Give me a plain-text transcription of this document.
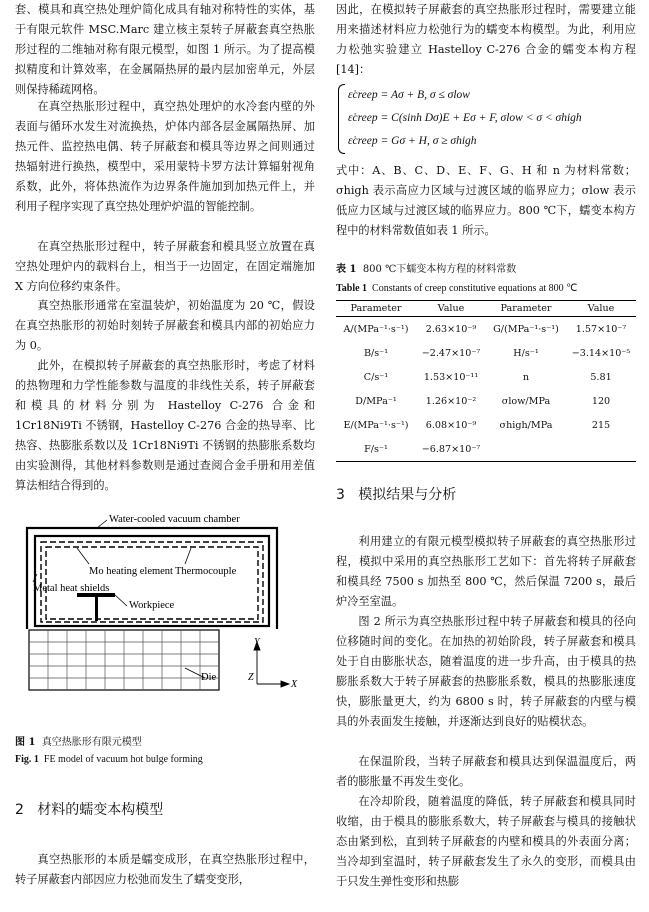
套、模具和真空热处理炉简化成具有轴对称特性的实体，基于有限元软件 MSC.Marc 建立核主泵转子屏蔽套真空热胀形过程的二维轴对称有限元模型，如图 1 所示。为了提高模拟精度和计算效率，在金属隔热屏的最内层加密单元，外层则保持稀疏网格。

在真空热胀形过程中，真空热处理炉的水冷套内壁的外表面与循环水发生对流换热，炉体内部各层金属隔热屏、加热元件、监控热电偶、转子屏蔽套和模具等边界之间则通过热辐射进行换热，模型中，采用蒙特卡罗方法计算辐射视角系数，此外，将体热流作为边界条件施加到加热元件上，并利用子程序实现了真空热处理炉炉温的智能控制。

在真空热胀形过程中，转子屏蔽套和模具竖立放置在真空热处理炉内的载料台上，相当于一边固定，在固定端施加 X 方向位移约束条件。

真空热胀形通常在室温装炉，初始温度为 20 ℃，假设在真空热胀形的初始时刻转子屏蔽套和模具内部的初始应力为 0。

此外，在模拟转子屏蔽套的真空热胀形时，考虑了材料的热物理和力学性能参数与温度的非线性关系，转子屏蔽套和模具的材料分别为 Hastelloy C-276 合金和 1Cr18Ni9Ti 不锈钢，Hastelloy C-276 合金的热导率、比热容、热膨胀系数以及 1Cr18Ni9Ti 不锈钢的热膨胀系数均由实验测得，其他材料参数则是通过查阅合金手册和用差值算法相结合得到的。

Water-cooled vacuum chamber
Mo heating element Thermocouple
Metal heat shields
Workpiece
Die
Y
Z
X
图 1 真空热胀形有限元模型
Fig. 1 FE model of vacuum hot bulge forming
2 材料的蠕变本构模型

真空热胀形的本质是蠕变成形，在真空热胀形过程中，转子屏蔽套内部因应力松弛而发生了蠕变变形，

因此，在模拟转子屏蔽套的真空热胀形过程时，需要建立能用来描述材料应力松弛行为的蠕变本构模型。为此，利用应力松弛实验建立 Hastelloy C-276 合金的蠕变本构方程[14]：

ε̇creep = Aσ + B, σ ≤ σlow
ε̇creep = C(sinh Dσ)E + Eσ + F, σlow < σ < σhigh
ε̇creep = Gσ + H, σ ≥ σhigh

式中：A、B、C、D、E、F、G、H 和 n 为材料常数；σhigh 表示高应力区域与过渡区域的临界应力；σlow 表示低应力区域与过渡区域的临界应力。800 ℃下，蠕变本构方程中的材料常数值如表 1 所示。

表 1 800 ℃下蠕变本构方程的材料常数
Table 1 Constants of creep constitutive equations at 800 ℃
Parameter	Value	Parameter	Value
A/(MPa⁻¹·s⁻¹)	2.63×10⁻⁹	G/(MPa⁻¹·s⁻¹)	1.57×10⁻⁷
B/s⁻¹	−2.47×10⁻⁷	H/s⁻¹	−3.14×10⁻⁵
C/s⁻¹	1.53×10⁻¹¹	n	5.81
D/MPa⁻¹	1.26×10⁻²	σlow/MPa	120
E/(MPa⁻¹·s⁻¹)	6.08×10⁻⁹	σhigh/MPa	215
F/s⁻¹	−6.87×10⁻⁷		
3 模拟结果与分析

利用建立的有限元模型模拟转子屏蔽套的真空热胀形过程，模拟中采用的真空热胀形工艺如下：首先将转子屏蔽套和模具经 7500 s 加热至 800 ℃，然后保温 7200 s，最后炉冷至室温。

图 2 所示为真空热胀形过程中转子屏蔽套和模具的径向位移随时间的变化。在加热的初始阶段，转子屏蔽套和模具处于自由膨胀状态，随着温度的进一步升高，由于模具的热膨胀系数大于转子屏蔽套的热膨胀系数，模具的热膨胀速度快，膨胀量更大，约为 6800 s 时，转子屏蔽套的内壁与模具的外表面发生接触，并逐渐达到良好的贴模状态。

在保温阶段，当转子屏蔽套和模具达到保温温度后，两者的膨胀量不再发生变化。

在冷却阶段，随着温度的降低，转子屏蔽套和模具同时收缩，由于模具的膨胀系数大，转子屏蔽套与模具的接触状态由紧到松，直到转子屏蔽套的内壁和模具的外表面分离；当冷却到室温时，转子屏蔽套发生了永久的变形，而模具由于只发生弹性变形和热膨
